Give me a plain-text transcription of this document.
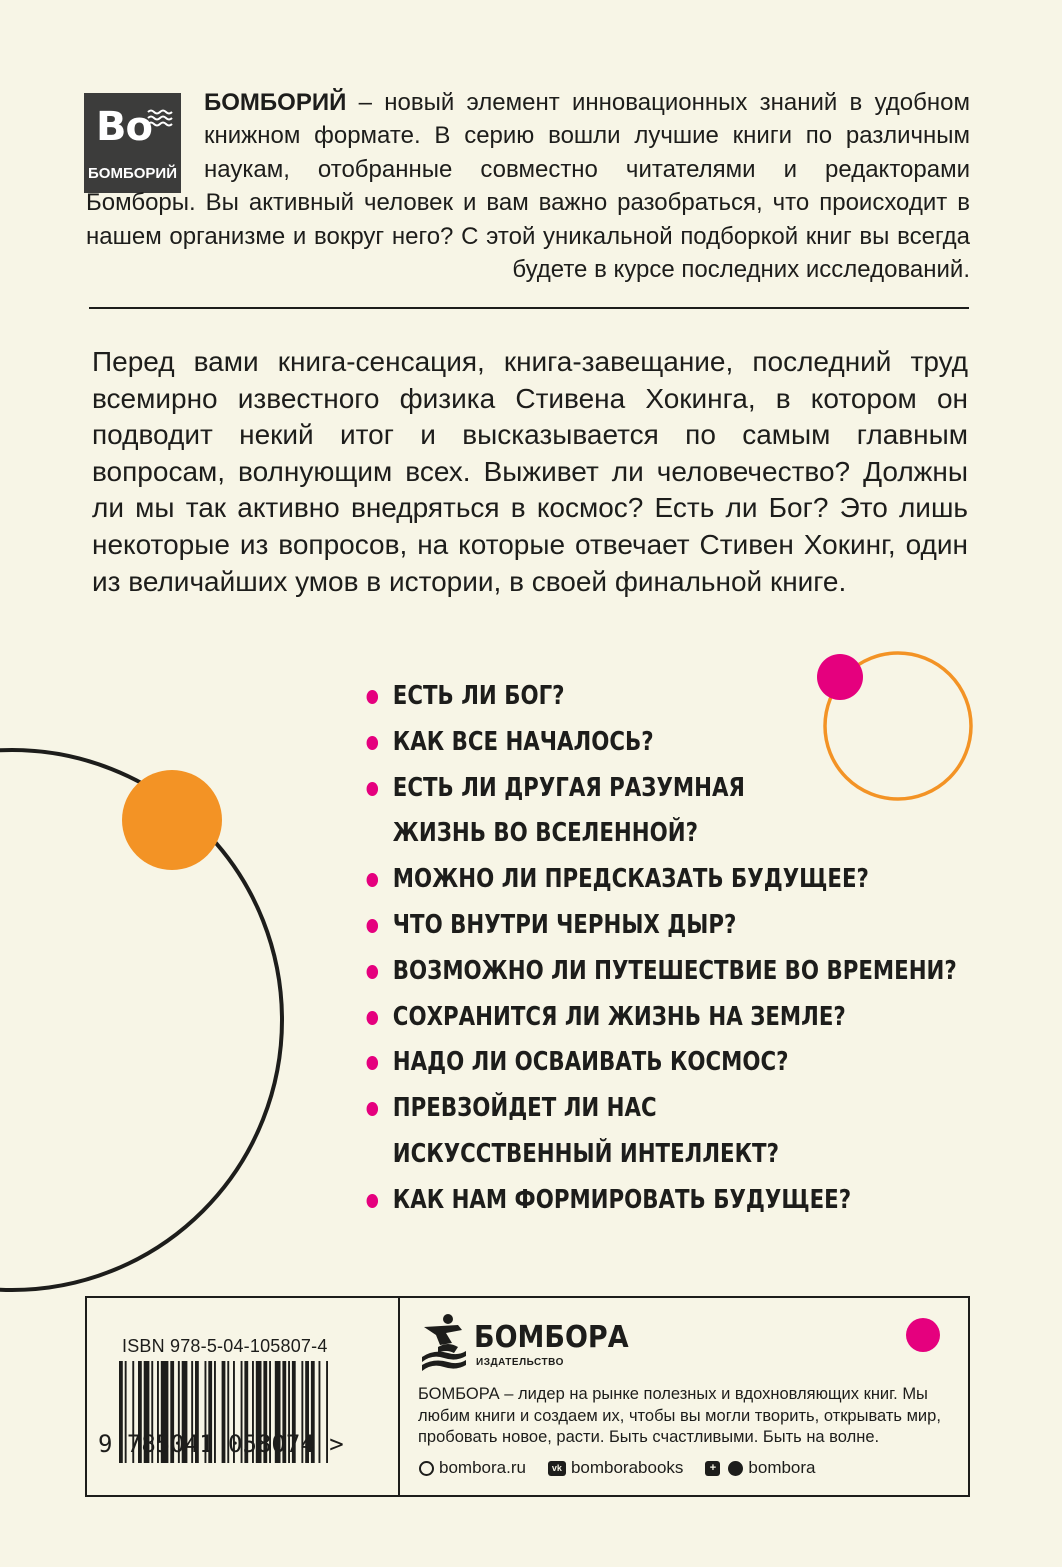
Bo
БОМБОРИЙ
БОМБОРИЙ – новый элемент инновационных знаний в удобном книжном формате. В серию вошли лучшие книги по различным наукам, отобранные совместно читателями и редакторами Бомборы. Вы активный человек и вам важно разобраться, что происходит в нашем организме и вокруг него? С этой уникальной подборкой книг вы всегда будете в курсе последних исследований.
Перед вами книга-сенсация, книга-завещание, последний труд всемирно известного физика Стивена Хокинга, в котором он подводит некий итог и высказывается по самым главным вопросам, волнующим всех. Выживет ли человечество? Должны ли мы так активно внедряться в космос? Есть ли Бог? Это лишь некоторые из вопросов, на которые отвечает Стивен Хокинг, один из величайших умов в истории, в своей финальной книге.
ЕСТЬ ЛИ БОГ?
КАК ВСЕ НАЧАЛОСЬ?
ЕСТЬ ЛИ ДРУГАЯ РАЗУМНАЯ
ЖИЗНЬ ВО ВСЕЛЕННОЙ?
МОЖНО ЛИ ПРЕДСКАЗАТЬ БУДУЩЕЕ?
ЧТО ВНУТРИ ЧЕРНЫХ ДЫР?
ВОЗМОЖНО ЛИ ПУТЕШЕСТВИЕ ВО ВРЕМЕНИ?
СОХРАНИТСЯ ЛИ ЖИЗНЬ НА ЗЕМЛЕ?
НАДО ЛИ ОСВАИВАТЬ КОСМОС?
ПРЕВЗОЙДЕТ ЛИ НАС
ИСКУССТВЕННЫЙ ИНТЕЛЛЕКТ?
КАК НАМ ФОРМИРОВАТЬ БУДУЩЕЕ?
ISBN 978-5-04-105807-4
9 785041 058074 >
БОМБОРА
ИЗДАТЕЛЬСТВО
БОМБОРА – лидер на рынке полезных и вдохновляющих книг. Мы любим книги и создаем их, чтобы вы могли творить, открывать мир, пробовать новое, расти. Быть счастливыми. Быть на волне.
bombora.ru	vk bomborabooks	+ bombora
